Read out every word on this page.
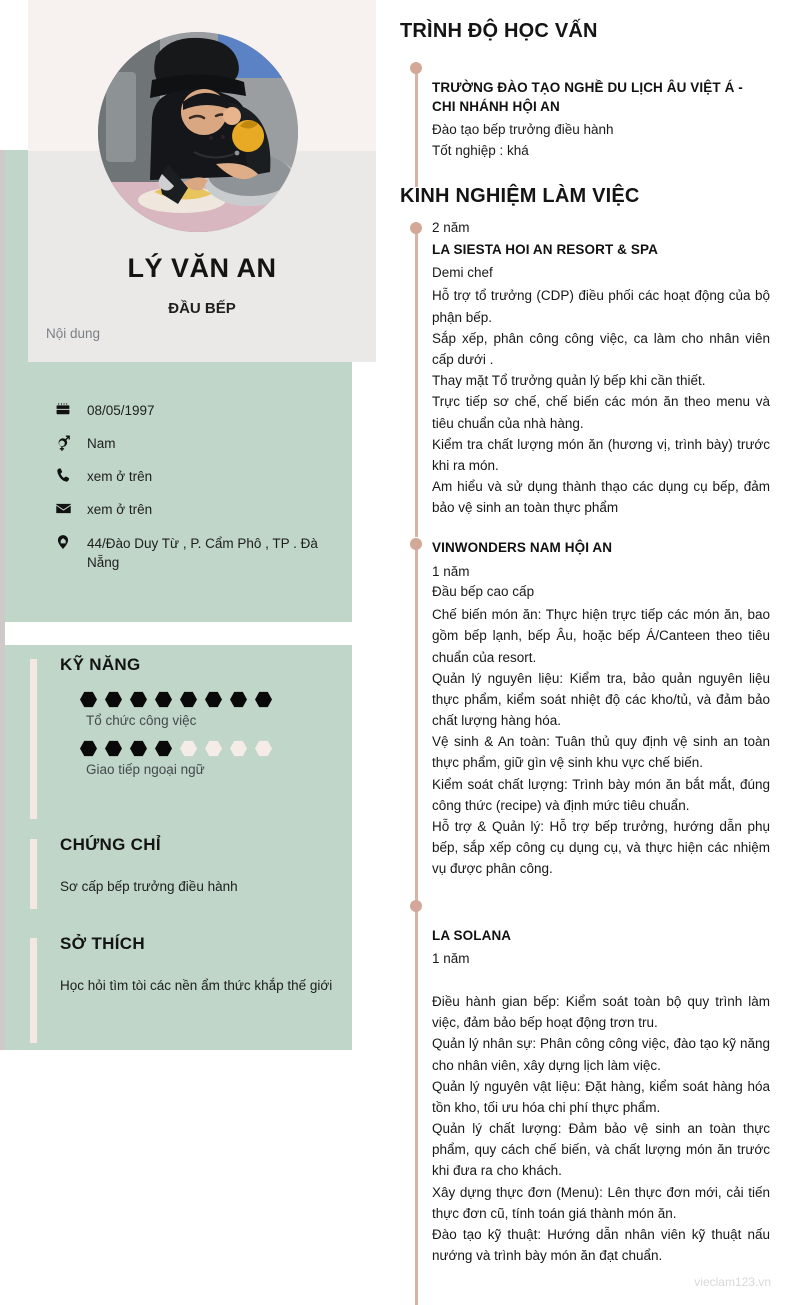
LÝ VĂN AN
ĐẦU BẾP
Nội dung
08/05/1997
Nam
xem ở trên
xem ở trên
44/Đào Duy Từ , P. Cẩm Phô , TP . Đà Nẵng
KỸ NĂNG
Tổ chức công việc
Giao tiếp ngoại ngữ
CHỨNG CHỈ
Sơ cấp bếp trưởng điều hành
SỞ THÍCH
Học hỏi tìm tòi các nền ẩm thức khắp thế giới
TRÌNH ĐỘ HỌC VẤN
TRƯỜNG ĐÀO TẠO NGHỀ DU LỊCH ÂU VIỆT Á - CHI NHÁNH HỘI AN
Đào tạo bếp trưởng điều hành
Tốt nghiệp : khá
KINH NGHIỆM LÀM VIỆC
2 năm
LA SIESTA HOI AN RESORT & SPA
Demi chef
Hỗ trợ tổ trưởng (CDP) điều phối các hoạt động của bộ phận bếp.
Sắp xếp, phân công công việc, ca làm cho nhân viên cấp dưới .
Thay mặt Tổ trưởng quản lý bếp khi cần thiết.
Trực tiếp sơ chế, chế biến các món ăn theo menu và tiêu chuẩn của nhà hàng.
Kiểm tra chất lượng món ăn (hương vị, trình bày) trước khi ra món.
Am hiểu và sử dụng thành thạo các dụng cụ bếp, đảm bảo vệ sinh an toàn thực phẩm
VINWONDERS NAM HỘI AN
1 năm
Đầu bếp cao cấp
Chế biến món ăn: Thực hiện trực tiếp các món ăn, bao gồm bếp lạnh, bếp Âu, hoặc bếp Á/Canteen theo tiêu chuẩn của resort.
Quản lý nguyên liệu: Kiểm tra, bảo quản nguyên liệu thực phẩm, kiểm soát nhiệt độ các kho/tủ, và đảm bảo chất lượng hàng hóa.
Vệ sinh & An toàn: Tuân thủ quy định vệ sinh an toàn thực phẩm, giữ gìn vệ sinh khu vực chế biến.
Kiểm soát chất lượng: Trình bày món ăn bắt mắt, đúng công thức (recipe) và định mức tiêu chuẩn.
Hỗ trợ & Quản lý: Hỗ trợ bếp trưởng, hướng dẫn phụ bếp, sắp xếp công cụ dụng cụ, và thực hiện các nhiệm vụ được phân công.
LA SOLANA
1 năm
Điều hành gian bếp: Kiểm soát toàn bộ quy trình làm việc, đảm bảo bếp hoạt động trơn tru.
Quản lý nhân sự: Phân công công việc, đào tạo kỹ năng cho nhân viên, xây dựng lịch làm việc.
Quản lý nguyên vật liệu: Đặt hàng, kiểm soát hàng hóa tồn kho, tối ưu hóa chi phí thực phẩm.
Quản lý chất lượng: Đảm bảo vệ sinh an toàn thực phẩm, quy cách chế biến, và chất lượng món ăn trước khi đưa ra cho khách.
Xây dựng thực đơn (Menu): Lên thực đơn mới, cải tiến thực đơn cũ, tính toán giá thành món ăn.
Đào tạo kỹ thuật: Hướng dẫn nhân viên kỹ thuật nấu nướng và trình bày món ăn đạt chuẩn.
vieclam123.vn
